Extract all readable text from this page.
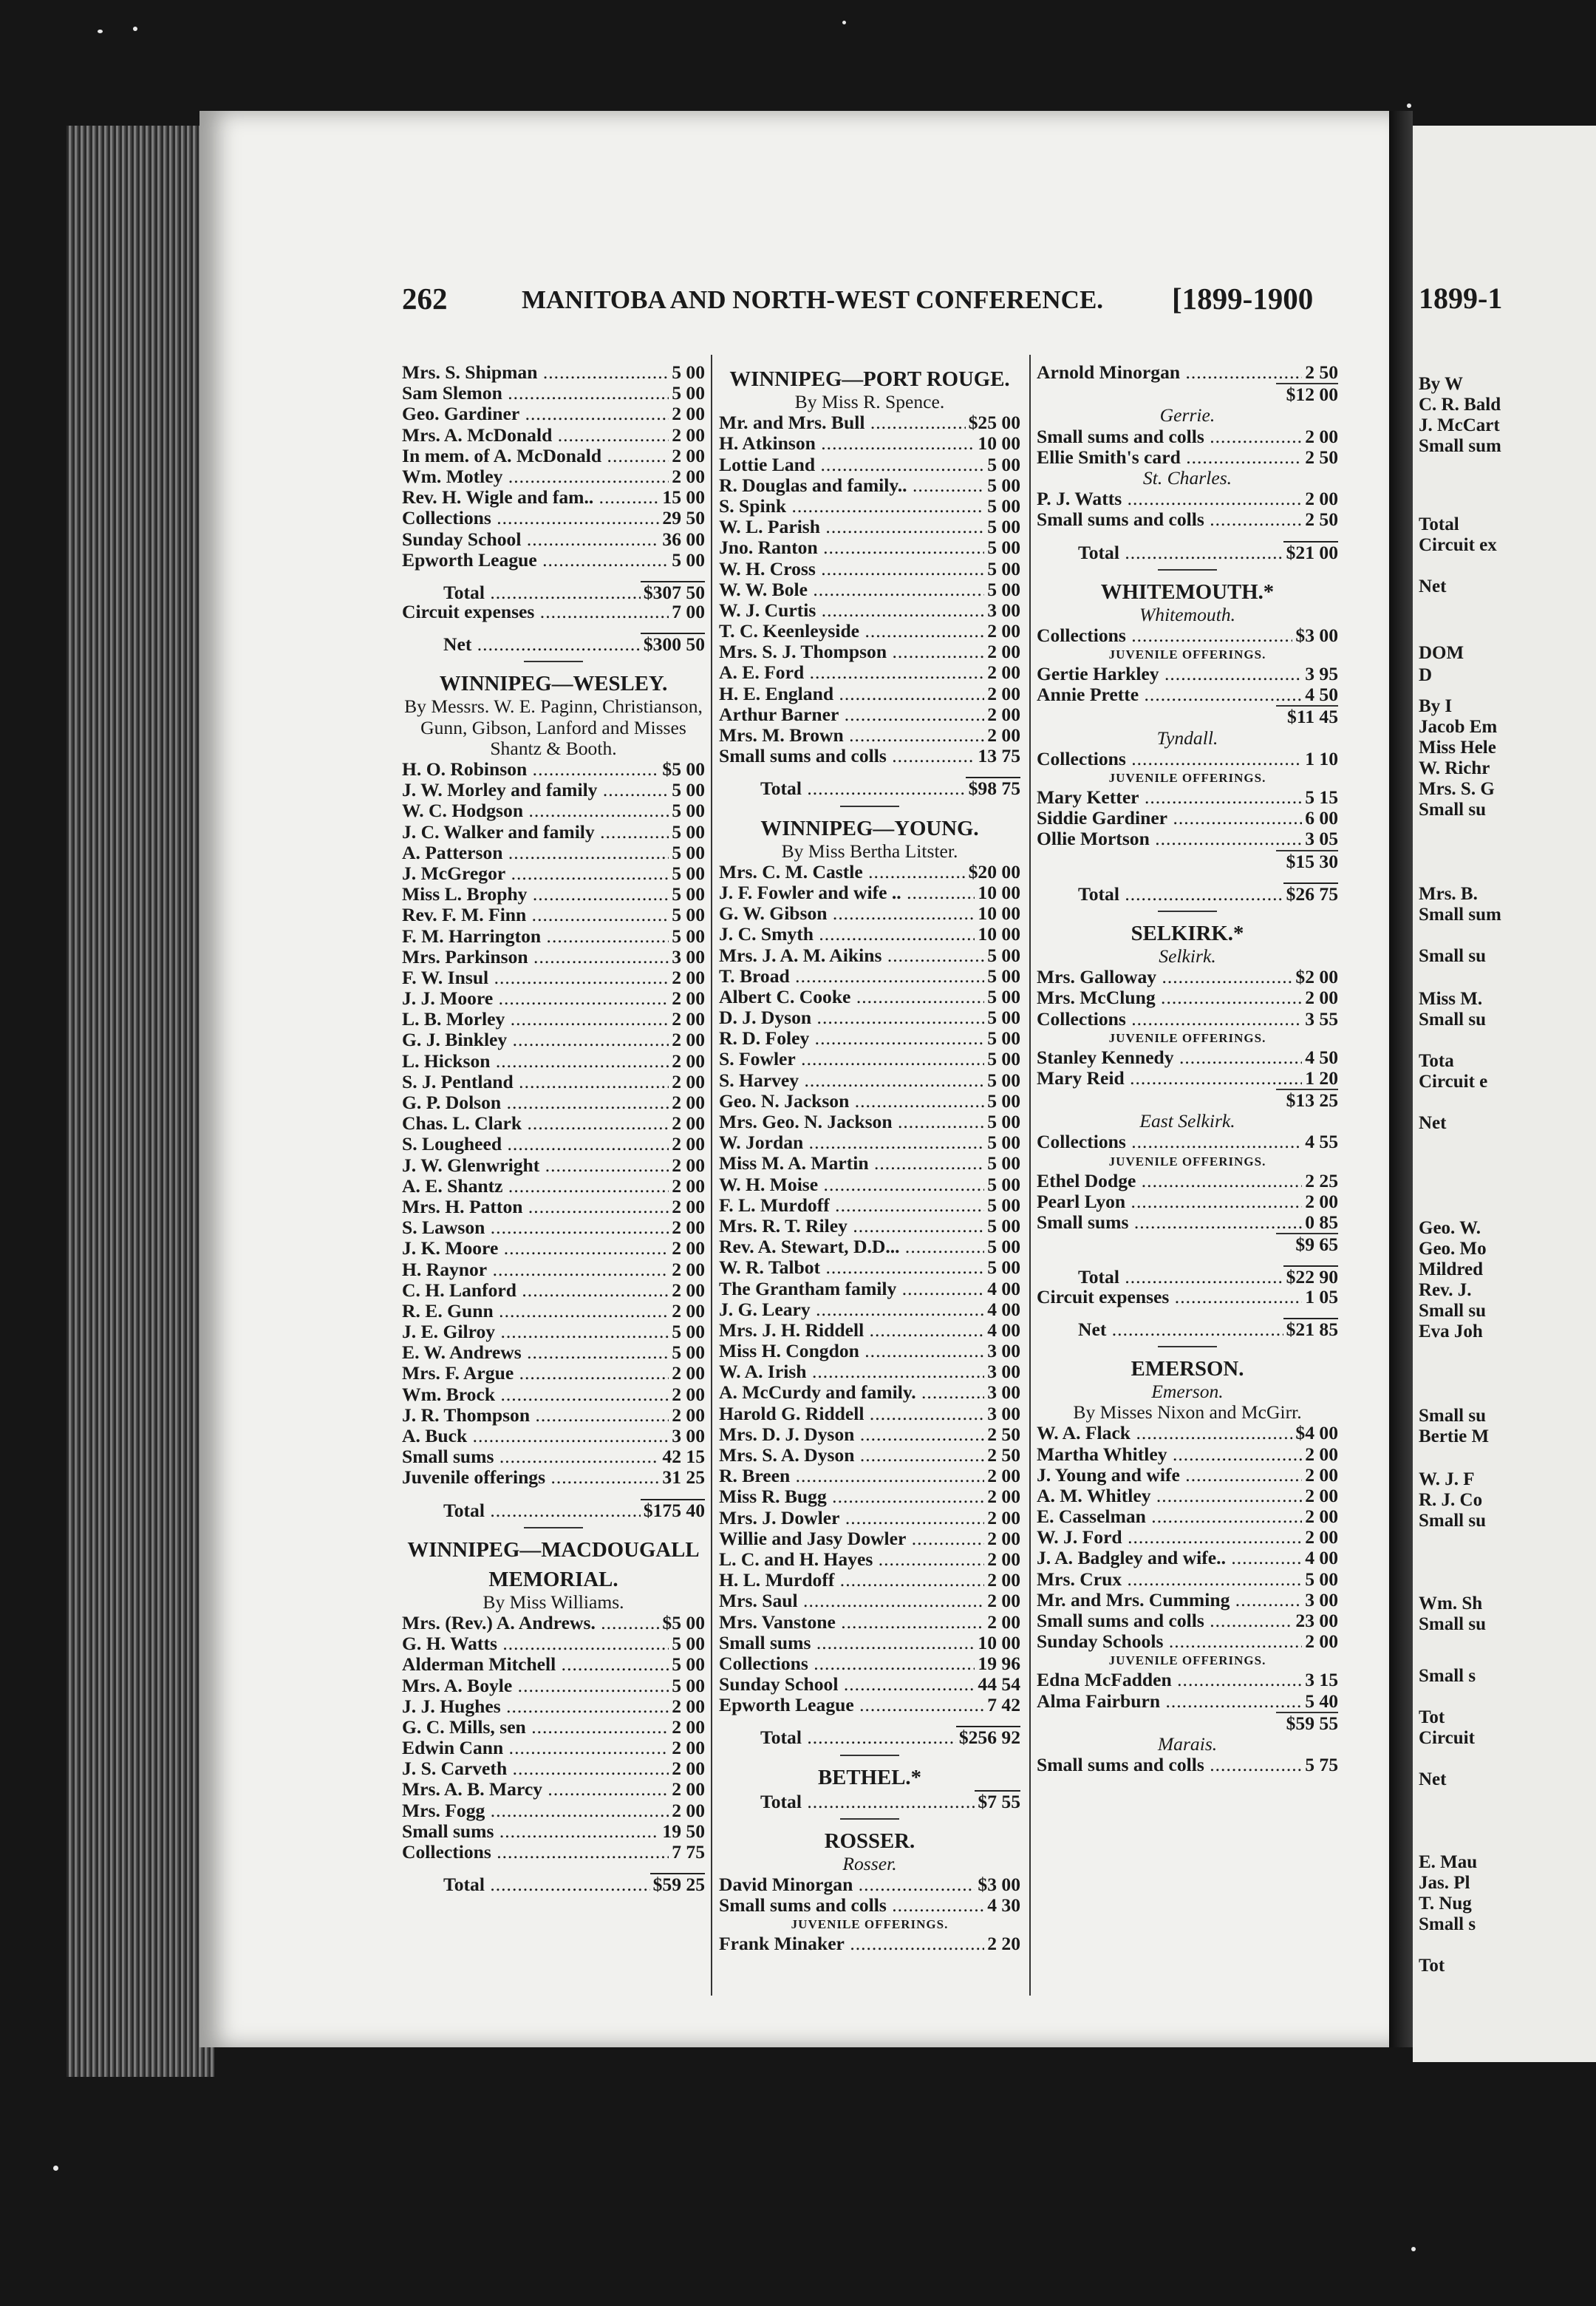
262	MANITOBA AND NORTH-WEST CONFERENCE. [1899-1900
Mrs. S. Shipman .....	5 00
Sam Slemon .....	5 00
Geo. Gardiner .....	2 00
Mrs. A. McDonald .....	2 00
In mem. of A. McDonald .....	2 00
Wm. Motley .....	2 00
Rev. H. Wigle and fam.. .....	15 00
Collections .....	29 50
Sunday School .....	36 00
Epworth League .....	5 00
Total .....	$307 50
Circuit expenses .....	7 00
Net .....	$300 50
WINNIPEG—WESLEY.
By Messrs. W. E. Paginn, Christianson, Gunn, Gibson, Lanford and Misses Shantz & Booth.
H. O. Robinson .....	$5 00
J. W. Morley and family .....	5 00
W. C. Hodgson .....	5 00
J. C. Walker and family .....	5 00
A. Patterson .....	5 00
J. McGregor .....	5 00
Miss L. Brophy .....	5 00
Rev. F. M. Finn .....	5 00
F. M. Harrington .....	5 00
Mrs. Parkinson .....	3 00
F. W. Insul .....	2 00
J. J. Moore .....	2 00
L. B. Morley .....	2 00
G. J. Binkley .....	2 00
L. Hickson .....	2 00
S. J. Pentland .....	2 00
G. P. Dolson .....	2 00
Chas. L. Clark .....	2 00
S. Lougheed .....	2 00
J. W. Glenwright .....	2 00
A. E. Shantz .....	2 00
Mrs. H. Patton .....	2 00
S. Lawson .....	2 00
J. K. Moore .....	2 00
H. Raynor .....	2 00
C. H. Lanford .....	2 00
R. E. Gunn .....	2 00
J. E. Gilroy .....	5 00
E. W. Andrews .....	5 00
Mrs. F. Argue .....	2 00
Wm. Brock .....	2 00
J. R. Thompson .....	2 00
A. Buck .....	3 00
Small sums .....	42 15
Juvenile offerings .....	31 25
Total .....	$175 40
WINNIPEG—MACDOUGALL
MEMORIAL.
By Miss Williams.
Mrs. (Rev.) A. Andrews. .....	$5 00
G. H. Watts .....	5 00
Alderman Mitchell .....	5 00
Mrs. A. Boyle .....	5 00
J. J. Hughes .....	2 00
G. C. Mills, sen .....	2 00
Edwin Cann .....	2 00
J. S. Carveth .....	2 00
Mrs. A. B. Marcy .....	2 00
Mrs. Fogg .....	2 00
Small sums .....	19 50
Collections .....	7 75
Total .....	$59 25
WINNIPEG—PORT ROUGE.
By Miss R. Spence.
Mr. and Mrs. Bull .....	$25 00
H. Atkinson .....	10 00
Lottie Land .....	5 00
R. Douglas and family.. .....	5 00
S. Spink .....	5 00
W. L. Parish .....	5 00
Jno. Ranton .....	5 00
W. H. Cross .....	5 00
W. W. Bole .....	5 00
W. J. Curtis .....	3 00
T. C. Keenleyside .....	2 00
Mrs. S. J. Thompson .....	2 00
A. E. Ford .....	2 00
H. E. England .....	2 00
Arthur Barner .....	2 00
Mrs. M. Brown .....	2 00
Small sums and colls .....	13 75
Total .....	$98 75
WINNIPEG—YOUNG.
By Miss Bertha Litster.
Mrs. C. M. Castle .....	$20 00
J. F. Fowler and wife .. .....	10 00
G. W. Gibson .....	10 00
J. C. Smyth .....	10 00
Mrs. J. A. M. Aikins .....	5 00
T. Broad .....	5 00
Albert C. Cooke .....	5 00
D. J. Dyson .....	5 00
R. D. Foley .....	5 00
S. Fowler .....	5 00
S. Harvey .....	5 00
Geo. N. Jackson .....	5 00
Mrs. Geo. N. Jackson .....	5 00
W. Jordan .....	5 00
Miss M. A. Martin .....	5 00
W. H. Moise .....	5 00
F. L. Murdoff .....	5 00
Mrs. R. T. Riley .....	5 00
Rev. A. Stewart, D.D... .....	5 00
W. R. Talbot .....	5 00
The Grantham family .....	4 00
J. G. Leary .....	4 00
Mrs. J. H. Riddell .....	4 00
Miss H. Congdon .....	3 00
W. A. Irish .....	3 00
A. McCurdy and family. .....	3 00
Harold G. Riddell .....	3 00
Mrs. D. J. Dyson .....	2 50
Mrs. S. A. Dyson .....	2 50
R. Breen .....	2 00
Miss R. Bugg .....	2 00
Mrs. J. Dowler .....	2 00
Willie and Jasy Dowler .....	2 00
L. C. and H. Hayes .....	2 00
H. L. Murdoff .....	2 00
Mrs. Saul .....	2 00
Mrs. Vanstone .....	2 00
Small sums .....	10 00
Collections .....	19 96
Sunday School .....	44 54
Epworth League .....	7 42
Total .....	$256 92
BETHEL.*
Total .....	$7 55
ROSSER.
Rosser.
David Minorgan .....	$3 00
Small sums and colls .....	4 30
JUVENILE OFFERINGS.
Frank Minaker .....	2 20
Arnold Minorgan .....	2 50
$12 00
Gerrie.
Small sums and colls .....	2 00
Ellie Smith's card .....	2 50
St. Charles.
P. J. Watts .....	2 00
Small sums and colls .....	2 50
Total .....	$21 00
WHITEMOUTH.*
Whitemouth.
Collections .....	$3 00
JUVENILE OFFERINGS.
Gertie Harkley .....	3 95
Annie Prette .....	4 50
$11 45
Tyndall.
Collections .....	1 10
JUVENILE OFFERINGS.
Mary Ketter .....	5 15
Siddie Gardiner .....	6 00
Ollie Mortson .....	3 05
$15 30
Total .....	$26 75
SELKIRK.*
Selkirk.
Mrs. Galloway .....	$2 00
Mrs. McClung .....	2 00
Collections .....	3 55
JUVENILE OFFERINGS.
Stanley Kennedy .....	4 50
Mary Reid .....	1 20
$13 25
East Selkirk.
Collections .....	4 55
JUVENILE OFFERINGS.
Ethel Dodge .....	2 25
Pearl Lyon .....	2 00
Small sums .....	0 85
$9 65
Total .....	$22 90
Circuit expenses .....	1 05
Net .....	$21 85
EMERSON.
Emerson.
By Misses Nixon and McGirr.
W. A. Flack .....	$4 00
Martha Whitley .....	2 00
J. Young and wife .....	2 00
A. M. Whitley .....	2 00
E. Casselman .....	2 00
W. J. Ford .....	2 00
J. A. Badgley and wife.. .....	4 00
Mrs. Crux .....	5 00
Mr. and Mrs. Cumming .....	3 00
Small sums and colls .....	23 00
Sunday Schools .....	2 00
JUVENILE OFFERINGS.
Edna McFadden .....	3 15
Alma Fairburn .....	5 40
$59 55
Marais.
Small sums and colls .....	5 75
1899-1
By W
C. R. Bald
J. McCart
Small sum
Total
Circuit ex
Net
DOM
D
By I
Jacob Em
Miss Hele
W. Richr
Mrs. S. G
Small su
Mrs. B.
Small sum
Small su
Miss M.
Small su
Tota
Circuit e
Net
Geo. W.
Geo. Mo
Mildred
Rev. J.
Small su
Eva Joh
Small su
Bertie M
W. J. F
R. J. Co
Small su
Wm. Sh
Small su
Small s
Tot
Circuit
Net
E. Mau
Jas. Pl
T. Nug
Small s
Tot
